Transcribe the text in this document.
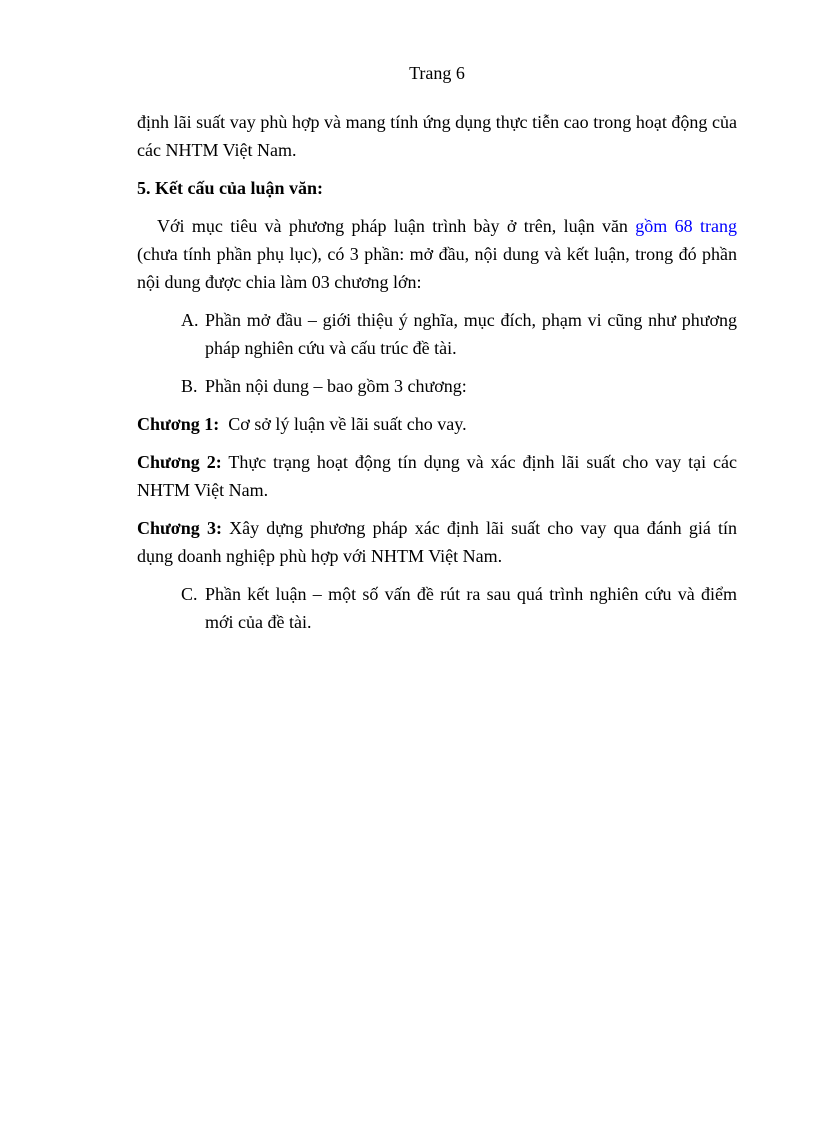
Trang 6

định lãi suất vay phù hợp và mang tính ứng dụng thực tiễn cao trong hoạt động của các NHTM Việt Nam.

5. Kết cấu của luận văn:

Với mục tiêu và phương pháp luận trình bày ở trên, luận văn gồm 68 trang (chưa tính phần phụ lục), có 3 phần: mở đầu, nội dung và kết luận, trong đó phần nội dung được chia làm 03 chương lớn:

A. Phần mở đầu – giới thiệu ý nghĩa, mục đích, phạm vi cũng như phương pháp nghiên cứu và cấu trúc đề tài.
B. Phần nội dung – bao gồm 3 chương:

Chương 1:  Cơ sở lý luận về lãi suất cho vay.

Chương 2: Thực trạng hoạt động tín dụng và xác định lãi suất cho vay tại các NHTM Việt Nam.

Chương 3: Xây dựng phương pháp xác định lãi suất cho vay qua đánh giá tín dụng doanh nghiệp phù hợp với NHTM Việt Nam.

C. Phần kết luận – một số vấn đề rút ra sau quá trình nghiên cứu và điểm mới của đề tài.
